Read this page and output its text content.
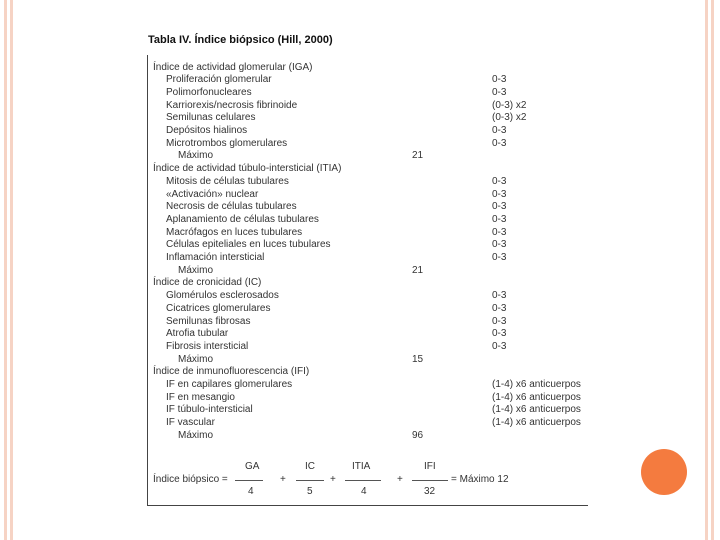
Tabla IV. Índice biópsico (Hill, 2000)
Índice de actividad glomerular (IGA)
Proliferación glomerular	0-3
Polimorfonucleares	0-3
Karriorexis/necrosis fibrinoide	(0-3) x2
Semilunas celulares	(0-3) x2
Depósitos hialinos	0-3
Microtrombos glomerulares	0-3
Máximo	21
Índice de actividad túbulo-intersticial (ITIA)
Mitosis de células tubulares	0-3
«Activación» nuclear	0-3
Necrosis de células tubulares	0-3
Aplanamiento de células tubulares	0-3
Macrófagos en luces tubulares	0-3
Células epiteliales en luces tubulares	0-3
Inflamación intersticial	0-3
Máximo	21
Índice de cronicidad (IC)
Glomérulos esclerosados	0-3
Cicatrices glomerulares	0-3
Semilunas fibrosas	0-3
Atrofia tubular	0-3
Fibrosis intersticial	0-3
Máximo	15
Índice de inmunofluorescencia (IFI)
IF en capilares glomerulares	(1-4) x6 anticuerpos
IF en mesangio	(1-4) x6 anticuerpos
IF túbulo-intersticial	(1-4) x6 anticuerpos
IF vascular	(1-4) x6 anticuerpos
Máximo	96
Índice biópsico =
GA
4
+
IC
5
+
ITIA
4
+
IFI
32
= Máximo 12
